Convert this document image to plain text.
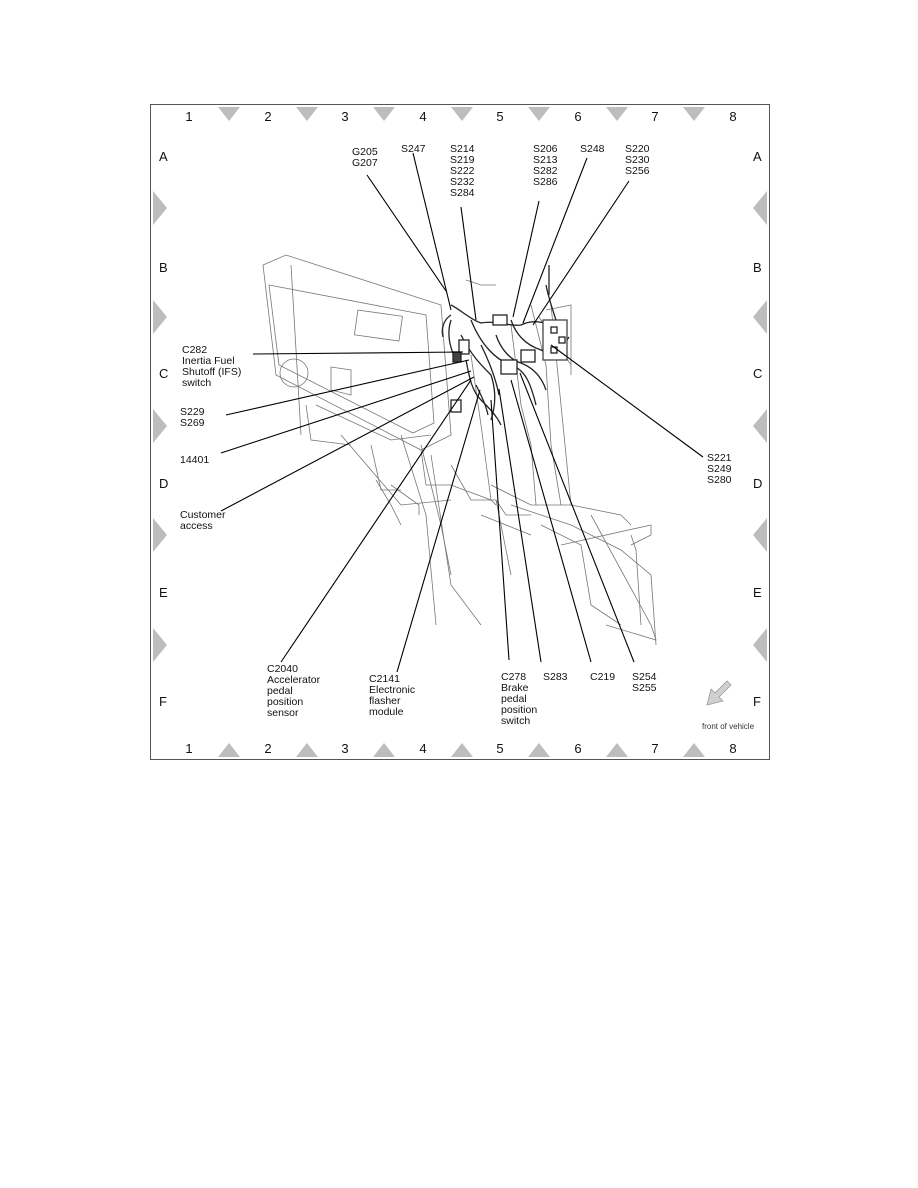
1	2	3	4	5	6	7	8
1	2	3	4	5	6	7	8
A
B
C
D
E
F
A
B
C
D
E
F
G205 G207
S247 S214 S219 S222 S232 S284
S206 S213 S282 S286
S248 S220 S230 S256
C282 Inertia Fuel Shutoff (IFS) switch
S229 S269
14401
Customer access
S221 S249 S280
C2040 Accelerator pedal position sensor
C2141 Electronic flasher module
C278 Brake pedal position switch
S283 C219 S254 S255
front of vehicle
